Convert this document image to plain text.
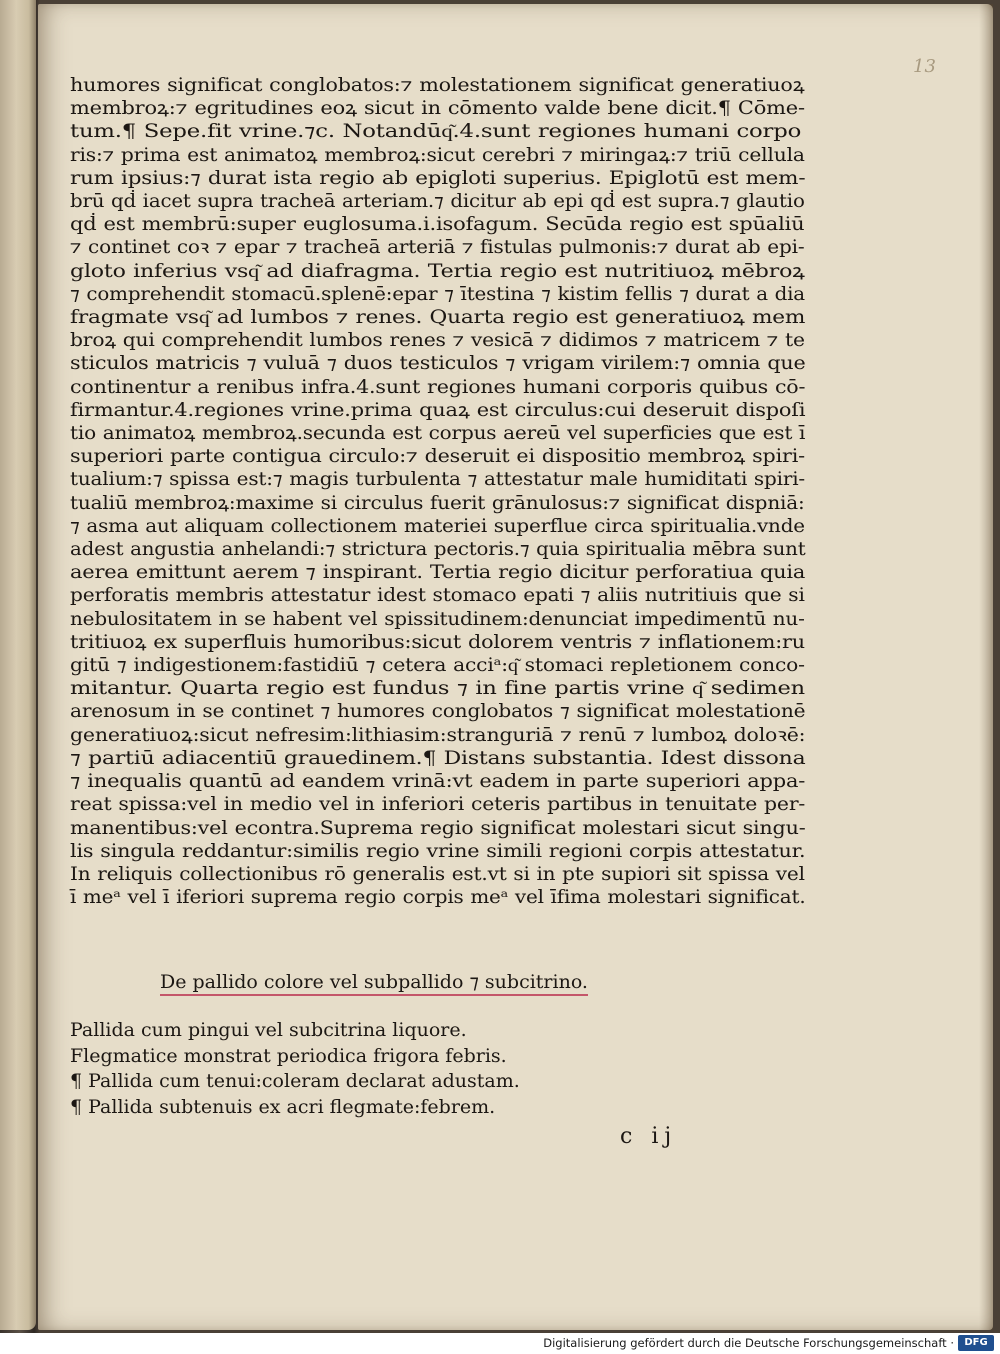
13
humores significat conglobatos:⁊ molestationem significat generatiuoꝝ
membroꝝ:⁊ egritudines eoꝝ sicut in cōmento valde bene dicit.¶ Cōme-
tum.¶ Sepe.fit vrine.⁊c. Notandūq͂.4.sunt regiones humani corpo
ris:⁊ prima est animatoꝝ membroꝝ:sicut cerebri ⁊ miringaꝝ:⁊ triū cellula
rum ipsius:⁊ durat ista regio ab epigloti superius. Epiglotū est mem-
brū qḋ iacet supra tracheā arteriam.⁊ dicitur ab epi qḋ est supra.⁊ glautio
qḋ est membrū:super euglosuma.i.isofagum. Secūda regio est spūaliū
⁊ continet coꝛ ⁊ epar ⁊ tracheā arteriā ⁊ fistulas pulmonis:⁊ durat ab epi-
gloto inferius vsq͂ ad diafragma. Tertia regio est nutritiuoꝝ mēbroꝝ
⁊ comprehendit stomacū.splenē:epar ⁊ ītestina ⁊ kistim fellis ⁊ durat a dia
fragmate vsq͂ ad lumbos ⁊ renes. Quarta regio est generatiuoꝝ mem
broꝝ qui comprehendit lumbos renes ⁊ vesicā ⁊ didimos ⁊ matricem ⁊ te
sticulos matricis ⁊ vuluā ⁊ duos testiculos ⁊ vrigam virilem:⁊ omnia que
continentur a renibus infra.4.sunt regiones humani corporis quibus cō-
firmantur.4.regiones vrine.prima quaꝝ est circulus:cui deseruit dispoſi
tio animatoꝝ membroꝝ.secunda est corpus aereū vel superficies que est ī
superiori parte contigua circulo:⁊ deseruit ei dispositio membroꝝ spiri-
tualium:⁊ spissa est:⁊ magis turbulenta ⁊ attestatur male humiditati spiri-
tualiū membroꝝ:maxime si circulus fuerit grānulosus:⁊ significat dispniā:
⁊ asma aut aliquam collectionem materiei superflue circa spiritualia.vnde
adest angustia anhelandi:⁊ strictura pectoris.⁊ quia spiritualia mēbra sunt
aerea emittunt aerem ⁊ inspirant. Tertia regio dicitur perforatiua quia
perforatis membris attestatur idest stomaco epati ⁊ aliis nutritiuis que si
nebulositatem in se habent vel spissitudinem:denunciat impedimentū nu-
tritiuoꝝ ex superfluis humoribus:sicut dolorem ventris ⁊ inflationem:ru
gitū ⁊ indigestionem:fastidiū ⁊ cetera acciᵃ:q͂ stomaci repletionem conco-
mitantur. Quarta regio est fundus ⁊ in fine partis vrine q͂ sedimen
arenosum in se continet ⁊ humores conglobatos ⁊ significat molestationē
generatiuoꝝ:sicut nefresim:lithiasim:stranguriā ⁊ renū ⁊ lumboꝝ doloꝛē:
⁊ partiū adiacentiū grauedinem.¶ Distans substantia. Idest dissona
⁊ inequalis quantū ad eandem vrinā:vt eadem in parte superiori appa-
reat spissa:vel in medio vel in inferiori ceteris partibus in tenuitate per-
manentibus:vel econtra.Suprema regio significat molestari sicut singu-
lis singula reddantur:similis regio vrine simili regioni corpis attestatur.
In reliquis collectionibus rō generalis est.vt si in pte supiori sit spissa vel
ī meᵃ vel ī iferiori suprema regio corpis meᵃ vel īfima molestari significat.
De pallido colore vel subpallido ⁊ subcitrino.
Pallida cum pingui vel subcitrina liquore.
Flegmatice monstrat periodica frigora febris.
¶ Pallida cum tenui:coleram declarat adustam.
¶ Pallida subtenuis ex acri flegmate:febrem.
c ij
Digitalisierung gefördert durch die Deutsche Forschungsgemeinschaft ·	DFG
